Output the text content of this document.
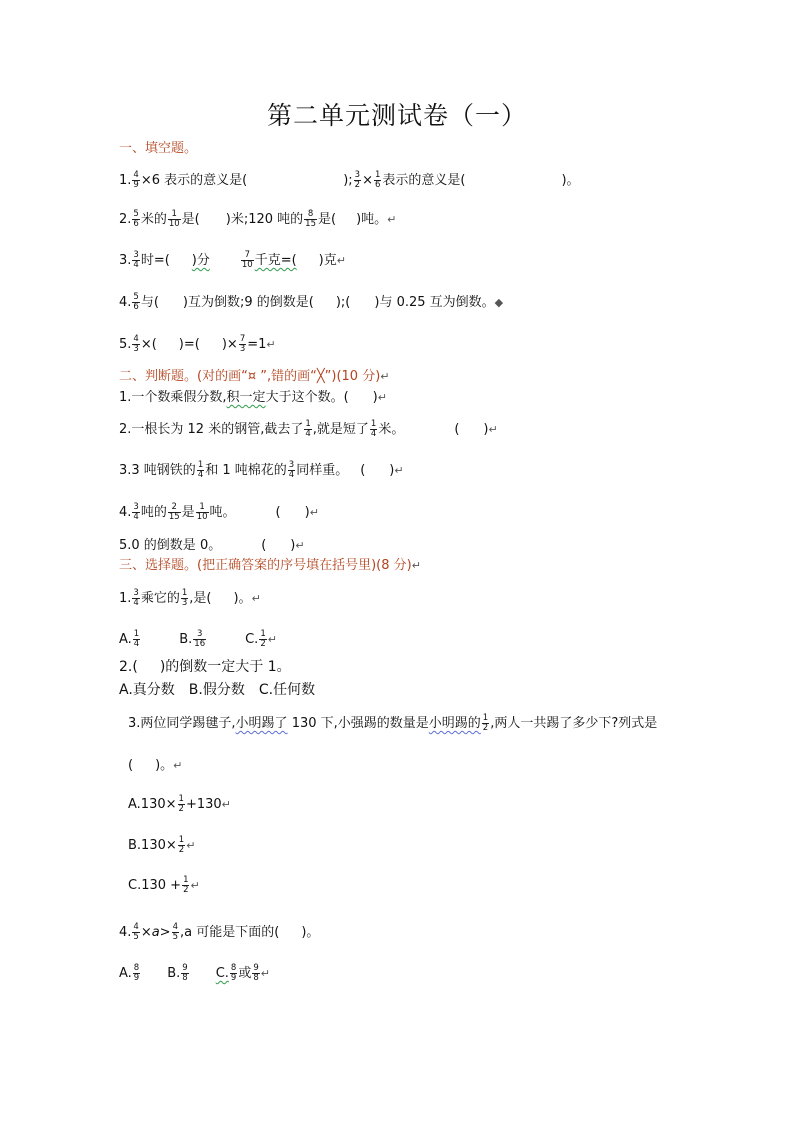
第二单元测试卷（一）
一、填空题。
1. $\frac{4}{9} \times 6$ 表示的意义是(	); $\frac{3}{2} \times \frac{1}{6}$ 表示的意义是(	)。
2. $\frac{5}{6}$ 米的 $\frac{1}{10}$ 是( )米;120 吨的 $\frac{8}{15}$ 是( )吨。↵
3. $\frac{3}{4}$ 时=( )分	$\frac{7}{10}$ 千克=( )克↵
4. $\frac{5}{6}$ 与( )互为倒数;9 的倒数是( );( )与 0.25 互为倒数。◆
5. $\frac{4}{3}$ ×( )=( )× $\frac{7}{3}$ =1↵
二、判断题。(对的画“¤ ”,错的画“╳”)(10 分)↵
1.一个数乘假分数,积一定大于这个数。( )↵
2.一根长为 12 米的钢管,截去了 $\frac{1}{4}$ ,就是短了 $\frac{1}{4}$ 米。	( )↵
3.3 吨钢铁的 $\frac{1}{4}$ 和 1 吨棉花的 $\frac{3}{4}$ 同样重。 ( )↵
4. $\frac{3}{4}$ 吨的 $\frac{2}{15}$ 是 $\frac{1}{10}$ 吨。	( )↵
5.0 的倒数是 0。	( )↵
三、选择题。(把正确答案的序号填在括号里)(8 分)↵
1. $\frac{3}{4}$ 乘它的 $\frac{1}{3}$ ,是( )。↵
A. $\frac{1}{4}$	B. $\frac{3}{16}$	C. $\frac{1}{2}$ ↵
2.( )的倒数一定大于 1。
A.真分数 B.假分数 C.任何数
3.两位同学踢毽子,小明踢了 130 下,小强踢的数量是小明踢的 $\frac{1}{2}$ ,两人一共踢了多少下?列式是
( )。↵
$A.130\times \frac{1}{2}$ +130↵
$B.130\times \frac{1}{2}$ ↵
$C.130 + \frac{1}{2}$ ↵
4. $\frac{4}{5} \times a> \frac{4}{5} ,a$ 可能是下面的( )。
A. $\frac{8}{9} B$. $\frac{9}{8} C$. $\frac{8}{9}$ 或 $\frac{9}{8}$ ↵
